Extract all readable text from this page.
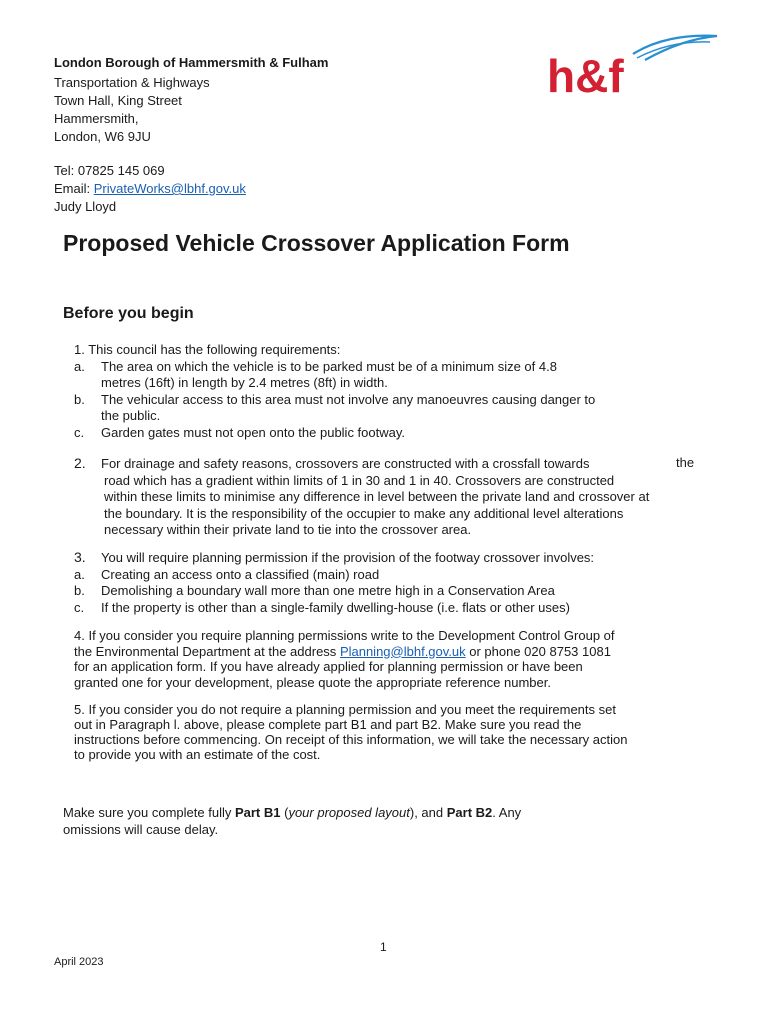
London Borough of Hammersmith & Fulham
Transportation & Highways
Town Hall, King Street
Hammersmith,
London, W6 9JU
Tel: 07825 145 069
Email: PrivateWorks@lbhf.gov.uk
Judy Lloyd
h&f
Proposed Vehicle Crossover Application Form
Before you begin
1. This council has the following requirements:
a. The area on which the vehicle is to be parked must be of a minimum size of 4.8
metres (16ft) in length by 2.4 metres (8ft) in width.
b. The vehicular access to this area must not involve any manoeuvres causing danger to
the public.
c. Garden gates must not open onto the public footway.
2. For drainage and safety reasons, crossovers are constructed with a crossfall towards	the
road which has a gradient within limits of 1 in 30 and 1 in 40. Crossovers are constructed
within these limits to minimise any difference in level between the private land and crossover at
the boundary. It is the responsibility of the occupier to make any additional level alterations
necessary within their private land to tie into the crossover area.
3. You will require planning permission if the provision of the footway crossover involves:
a. Creating an access onto a classified (main) road
b. Demolishing a boundary wall more than one metre high in a Conservation Area
c. If the property is other than a single-family dwelling-house (i.e. flats or other uses)
4. If you consider you require planning permissions write to the Development Control Group of
the Environmental Department at the address Planning@lbhf.gov.uk or phone 020 8753 1081
for an application form. If you have already applied for planning permission or have been
granted one for your development, please quote the appropriate reference number.
5. If you consider you do not require a planning permission and you meet the requirements set
out in Paragraph l. above, please complete part B1 and part B2. Make sure you read the
instructions before commencing. On receipt of this information, we will take the necessary action
to provide you with an estimate of the cost.
Make sure you complete fully Part B1 (your proposed layout), and Part B2. Any
omissions will cause delay.
1
April 2023
